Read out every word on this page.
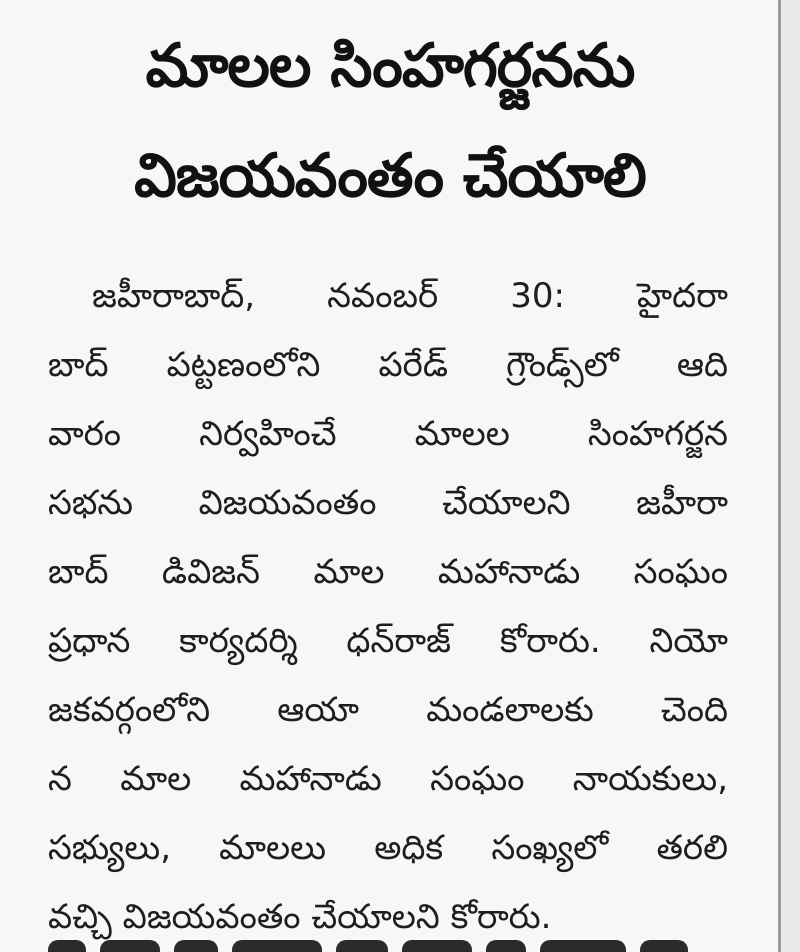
మాలల సింహగర్జనను
విజయవంతం చేయాలి
జహీరాబాద్, నవంబర్ 30: హైదరా
బాద్ పట్టణంలోని పరేడ్ గ్రౌండ్స్‌లో ఆది
వారం నిర్వహించే మాలల సింహగర్జన
సభను విజయవంతం చేయాలని జహీరా
బాద్ డివిజన్ మాల మహానాడు సంఘం
ప్రధాన కార్యదర్శి ధన్‌రాజ్ కోరారు. నియో
జకవర్గంలోని ఆయా మండలాలకు చెంది
న మాల మహానాడు సంఘం నాయకులు,
సభ్యులు, మాలలు అధిక సంఖ్యలో తరలి
వచ్చి విజయవంతం చేయాలని కోరారు.
